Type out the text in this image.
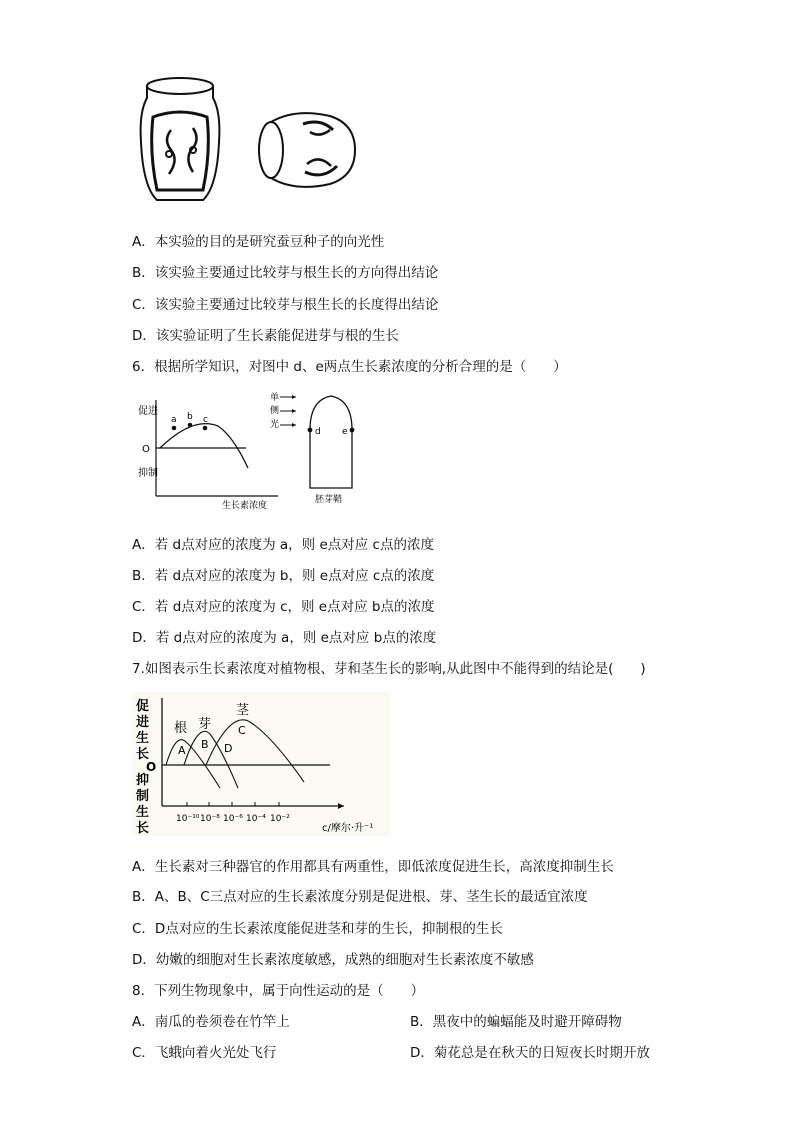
A．本实验的目的是研究蚕豆种子的向光性
B．该实验主要通过比较芽与根生长的方向得出结论
C．该实验主要通过比较芽与根生长的长度得出结论
D．该实验证明了生长素能促进芽与根的生长
6．根据所学知识，对图中 d、e两点生长素浓度的分析合理的是（　　）
促进
O
抑制
a b c
生长素浓度
单
侧
光
d e
胚芽鞘
A．若 d点对应的浓度为 a，则 e点对应 c点的浓度
B．若 d点对应的浓度为 b，则 e点对应 c点的浓度
C．若 d点对应的浓度为 c，则 e点对应 b点的浓度
D．若 d点对应的浓度为 a，则 e点对应 b点的浓度
7.如图表示生长素浓度对植物根、芽和茎生长的影响,从此图中不能得到的结论是(　　)
促
进
生
长
O
抑
制
生
长
根 芽
茎
A B
C
D
10⁻¹⁰ 10⁻⁸ 10⁻⁶ 10⁻⁴ 10⁻²
c/摩尔·升⁻¹
A．生长素对三种器官的作用都具有两重性，即低浓度促进生长，高浓度抑制生长
B．A、B、C三点对应的生长素浓度分别是促进根、芽、茎生长的最适宜浓度
C．D点对应的生长素浓度能促进茎和芽的生长，抑制根的生长
D．幼嫩的细胞对生长素浓度敏感，成熟的细胞对生长素浓度不敏感
8．下列生物现象中，属于向性运动的是（　　）
A．南瓜的卷须卷在竹竿上	B．黑夜中的蝙蝠能及时避开障碍物
C．飞蛾向着火光处飞行	D．菊花总是在秋天的日短夜长时期开放
